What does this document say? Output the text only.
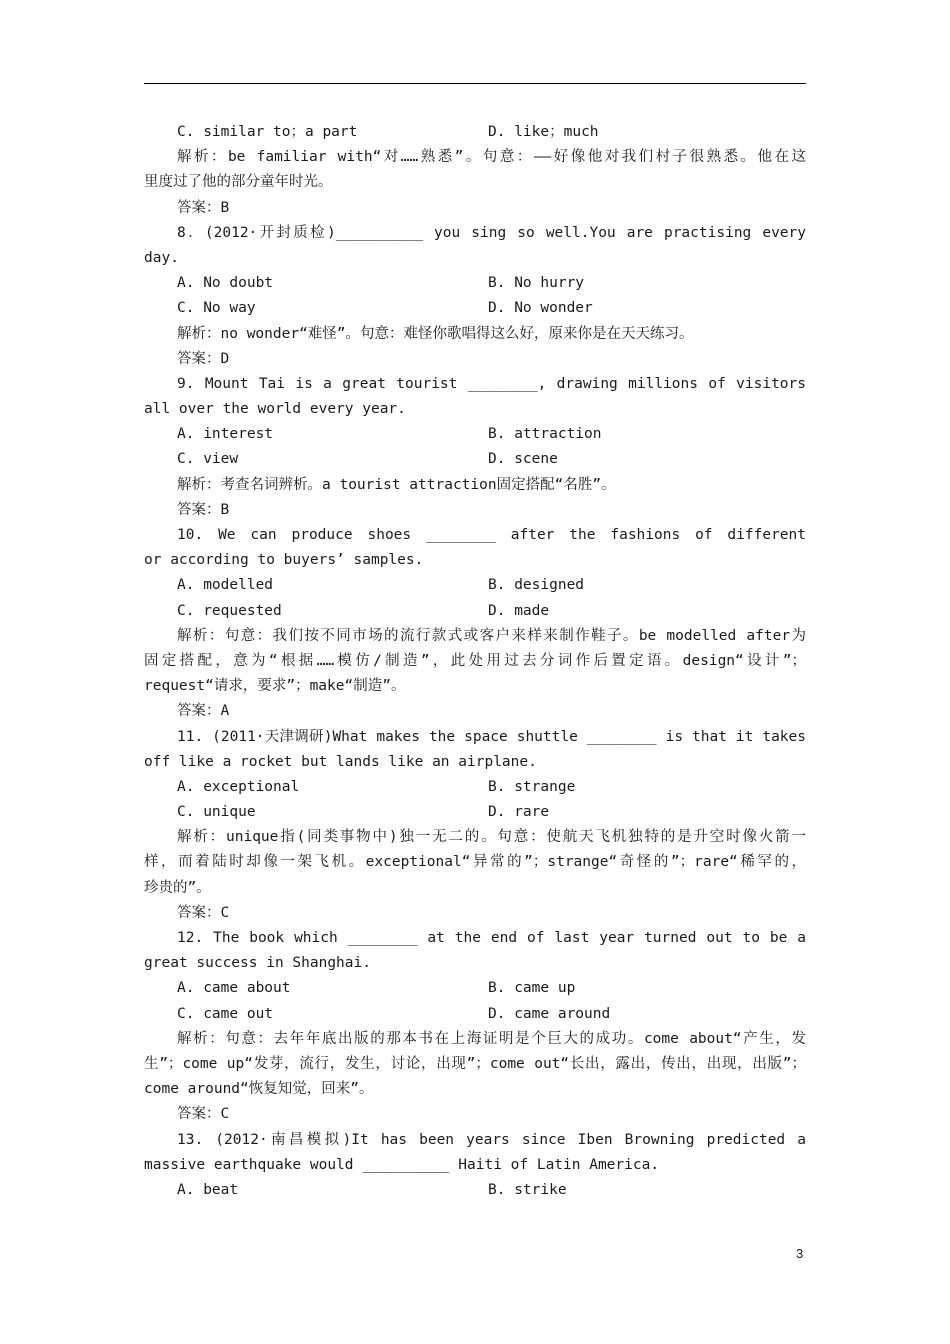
C. similar to；a part	D. like；much
解析：be familiar with“对……熟悉”。句意：——好像他对我们村子很熟悉。他在这
里度过了他的部分童年时光。
答案：B
8．(2012·开封质检)__________ you sing so well.You are practising every
day.
A. No doubt	B. No hurry
C. No way	D. No wonder
解析：no wonder“难怪”。句意：难怪你歌唱得这么好，原来你是在天天练习。
答案：D
9. Mount Tai is a great tourist ________, drawing millions of visitors
all over the world every year.
A. interest	B. attraction
C. view	D. scene
解析：考查名词辨析。a tourist attraction固定搭配“名胜”。
答案：B
10. We can produce shoes ________ after the fashions of different
or according to buyers’ samples.
A. modelled	B. designed
C. requested	D. made
解析：句意：我们按不同市场的流行款式或客户来样来制作鞋子。be modelled after为
固定搭配，意为“根据……模仿/制造”，此处用过去分词作后置定语。design“设计”；
request“请求，要求”；make“制造”。
答案：A
11. (2011·天津调研)What makes the space shuttle ________ is that it takes
off like a rocket but lands like an airplane.
A. exceptional	B. strange
C. unique	D. rare
解析：unique指(同类事物中)独一无二的。句意：使航天飞机独特的是升空时像火箭一
样，而着陆时却像一架飞机。exceptional“异常的”；strange“奇怪的”；rare“稀罕的，
珍贵的”。
答案：C
12. The book which ________ at the end of last year turned out to be a
great success in Shanghai.
A. came about	B. came up
C. came out	D. came around
解析：句意：去年年底出版的那本书在上海证明是个巨大的成功。come about“产生，发
生”；come up“发芽，流行，发生，讨论，出现”；come out“长出，露出，传出，出现，出版”；
come around“恢复知觉，回来”。
答案：C
13. (2012·南昌模拟)It has been years since Iben Browning predicted a
massive earthquake would __________ Haiti of Latin America.
A. beat	B. strike
3
